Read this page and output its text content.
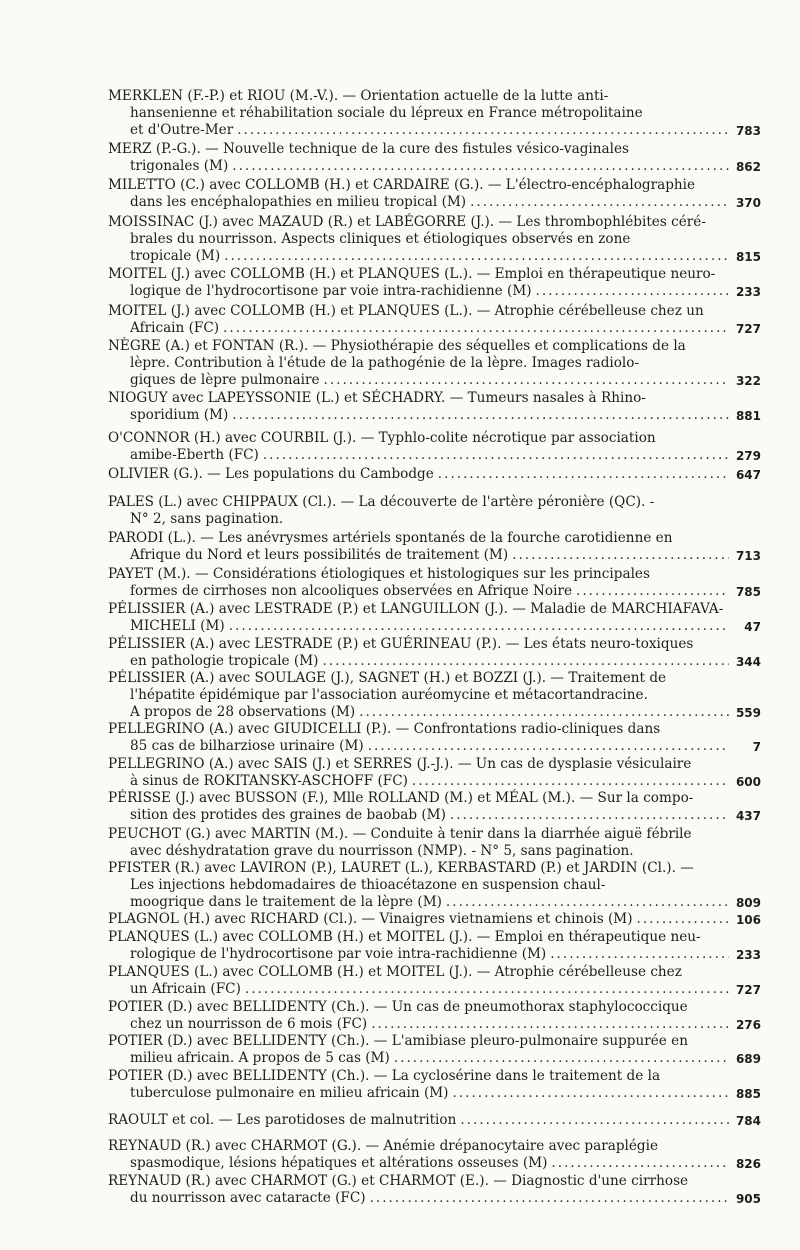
MERKLEN (F.-P.) et RIOU (M.-V.). — Orientation actuelle de la lutte anti-
hansenienne et réhabilitation sociale du lépreux en France métropolitaine
et d'Outre-Mer .....	783
MERZ (P.-G.). — Nouvelle technique de la cure des fistules vésico-vaginales
trigonales (M) .....	862
MILETTO (C.) avec COLLOMB (H.) et CARDAIRE (G.). — L'électro-encéphalographie
dans les encéphalopathies en milieu tropical (M) .....	370
MOISSINAC (J.) avec MAZAUD (R.) et LABÉGORRE (J.). — Les thrombophlébites céré-
brales du nourrisson. Aspects cliniques et étiologiques observés en zone
tropicale (M) .....	815
MOITEL (J.) avec COLLOMB (H.) et PLANQUES (L.). — Emploi en thérapeutique neuro-
logique de l'hydrocortisone par voie intra-rachidienne (M) .....	233
MOITEL (J.) avec COLLOMB (H.) et PLANQUES (L.). — Atrophie cérébelleuse chez un
Africain (FC) .....	727
NÈGRE (A.) et FONTAN (R.). — Physiothérapie des séquelles et complications de la
lèpre. Contribution à l'étude de la pathogénie de la lèpre. Images radiolo-
giques de lèpre pulmonaire .....	322
NIOGUY avec LAPEYSSONIE (L.) et SÉCHADRY. — Tumeurs nasales à Rhino-
sporidium (M) .....	881
O'CONNOR (H.) avec COURBIL (J.). — Typhlo-colite nécrotique par association
amibe-Eberth (FC) .....	279
OLIVIER (G.). — Les populations du Cambodge .....	647
PALES (L.) avec CHIPPAUX (Cl.). — La découverte de l'artère péronière (QC). -
N° 2, sans pagination.
PARODI (L.). — Les anévrysmes artériels spontanés de la fourche carotidienne en
Afrique du Nord et leurs possibilités de traitement (M) .....	713
PAYET (M.). — Considérations étiologiques et histologiques sur les principales
formes de cirrhoses non alcooliques observées en Afrique Noire .....	785
PÉLISSIER (A.) avec LESTRADE (P.) et LANGUILLON (J.). — Maladie de MARCHIAFAVA-
MICHELI (M) .....	47
PÉLISSIER (A.) avec LESTRADE (P.) et GUÉRINEAU (P.). — Les états neuro-toxiques
en pathologie tropicale (M) .....	344
PÉLISSIER (A.) avec SOULAGE (J.), SAGNET (H.) et BOZZI (J.). — Traitement de
l'hépatite épidémique par l'association auréomycine et métacortandracine.
A propos de 28 observations (M) .....	559
PELLEGRINO (A.) avec GIUDICELLI (P.). — Confrontations radio-cliniques dans
85 cas de bilharziose urinaire (M) .....	7
PELLEGRINO (A.) avec SAIS (J.) et SERRES (J.-J.). — Un cas de dysplasie vésiculaire
à sinus de ROKITANSKY-ASCHOFF (FC) .....	600
PÉRISSE (J.) avec BUSSON (F.), Mlle ROLLAND (M.) et MÉAL (M.). — Sur la compo-
sition des protides des graines de baobab (M) .....	437
PEUCHOT (G.) avec MARTIN (M.). — Conduite à tenir dans la diarrhée aiguë fébrile
avec déshydratation grave du nourrisson (NMP). - N° 5, sans pagination.
PFISTER (R.) avec LAVIRON (P.), LAURET (L.), KERBASTARD (P.) et JARDIN (Cl.). —
Les injections hebdomadaires de thioacétazone en suspension chaul-
moogrique dans le traitement de la lèpre (M) .....	809
PLAGNOL (H.) avec RICHARD (Cl.). — Vinaigres vietnamiens et chinois (M) .....	106
PLANQUES (L.) avec COLLOMB (H.) et MOITEL (J.). — Emploi en thérapeutique neu-
rologique de l'hydrocortisone par voie intra-rachidienne (M) .....	233
PLANQUES (L.) avec COLLOMB (H.) et MOITEL (J.). — Atrophie cérébelleuse chez
un Africain (FC) .....	727
POTIER (D.) avec BELLIDENTY (Ch.). — Un cas de pneumothorax staphylococcique
chez un nourrisson de 6 mois (FC) .....	276
POTIER (D.) avec BELLIDENTY (Ch.). — L'amibiase pleuro-pulmonaire suppurée en
milieu africain. A propos de 5 cas (M) .....	689
POTIER (D.) avec BELLIDENTY (Ch.). — La cyclosérine dans le traitement de la
tuberculose pulmonaire en milieu africain (M) .....	885
RAOULT et col. — Les parotidoses de malnutrition .....	784
REYNAUD (R.) avec CHARMOT (G.). — Anémie drépanocytaire avec paraplégie
spasmodique, lésions hépatiques et altérations osseuses (M) .....	826
REYNAUD (R.) avec CHARMOT (G.) et CHARMOT (E.). — Diagnostic d'une cirrhose
du nourrisson avec cataracte (FC) .....	905
